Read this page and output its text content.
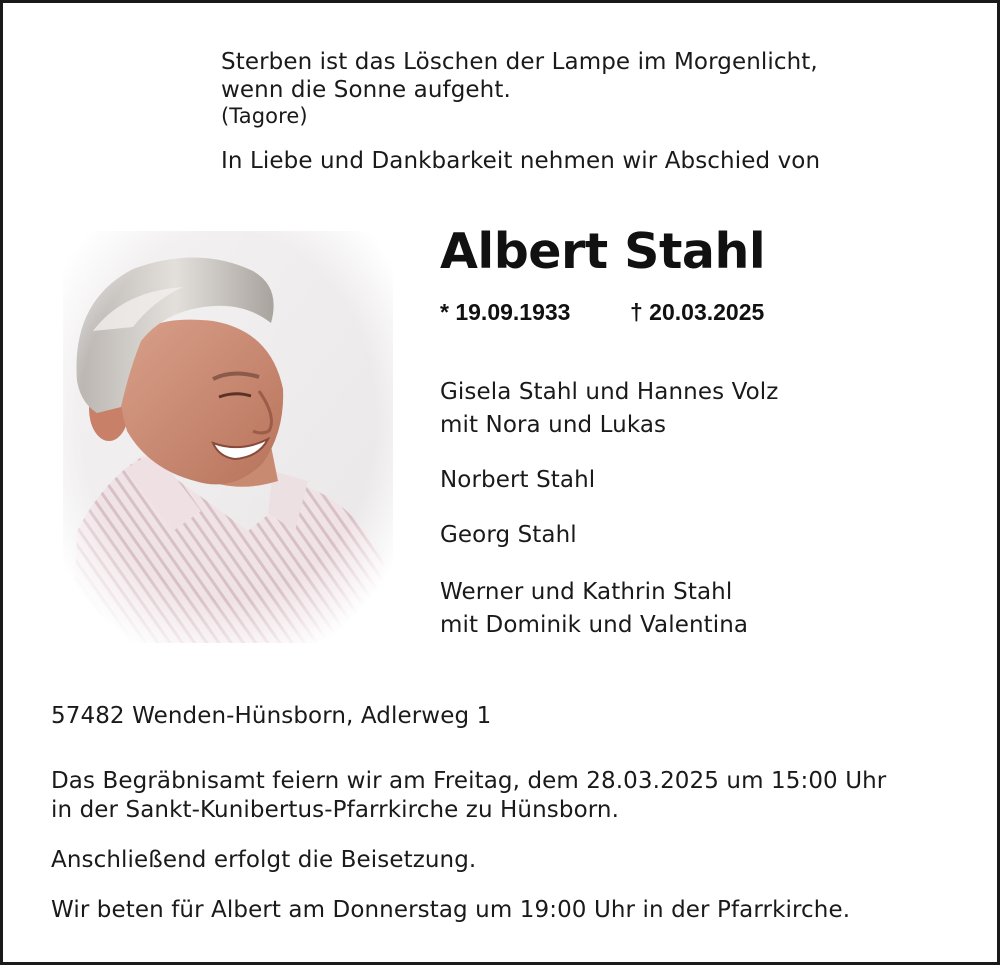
Sterben ist das Löschen der Lampe im Morgenlicht,

wenn die Sonne aufgeht.

(Tagore)

In Liebe und Dankbarkeit nehmen wir Abschied von

Albert Stahl

* 19.09.1933	† 20.03.2025

Gisela Stahl und Hannes Volz

mit Nora und Lukas

Norbert Stahl

Georg Stahl

Werner und Kathrin Stahl

mit Dominik und Valentina

57482 Wenden-Hünsborn, Adlerweg 1

Das Begräbnisamt feiern wir am Freitag, dem 28.03.2025 um 15:00 Uhr

in der Sankt-Kunibertus-Pfarrkirche zu Hünsborn.

Anschließend erfolgt die Beisetzung.

Wir beten für Albert am Donnerstag um 19:00 Uhr in der Pfarrkirche.
